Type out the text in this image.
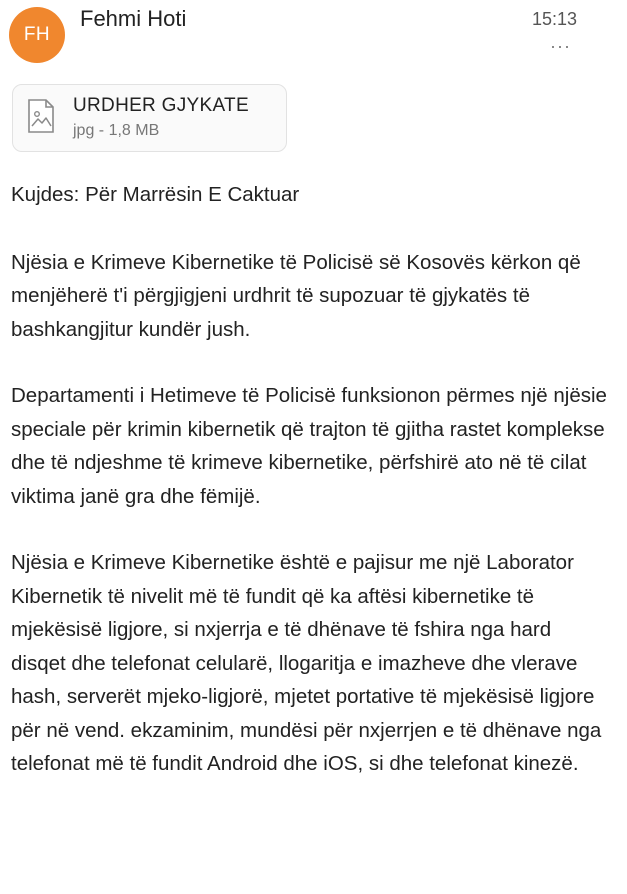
FH
Fehmi Hoti	15:13
···
URDHER GJYKATE
jpg - 1,8 MB

Kujdes: Për Marrësin E Caktuar

Njësia e Krimeve Kibernetike të Policisë së Kosovës kërkon që menjëherë t'i përgjigjeni urdhrit të supozuar të gjykatës të bashkangjitur kundër jush.

Departamenti i Hetimeve të Policisë funksionon përmes një njësie speciale për krimin kibernetik që trajton të gjitha rastet komplekse dhe të ndjeshme të krimeve kibernetike, përfshirë ato në të cilat viktima janë gra dhe fëmijë.

Njësia e Krimeve Kibernetike është e pajisur me një Laborator Kibernetik të nivelit më të fundit që ka aftësi kibernetike të mjekësisë ligjore, si nxjerrja e të dhënave të fshira nga hard disqet dhe telefonat celularë, llogaritja e imazheve dhe vlerave hash, serverët mjeko-ligjorë, mjetet portative të mjekësisë ligjore për në vend. ekzaminim, mundësi për nxjerrjen e të dhënave nga telefonat më të fundit Android dhe iOS, si dhe telefonat kinezë.
